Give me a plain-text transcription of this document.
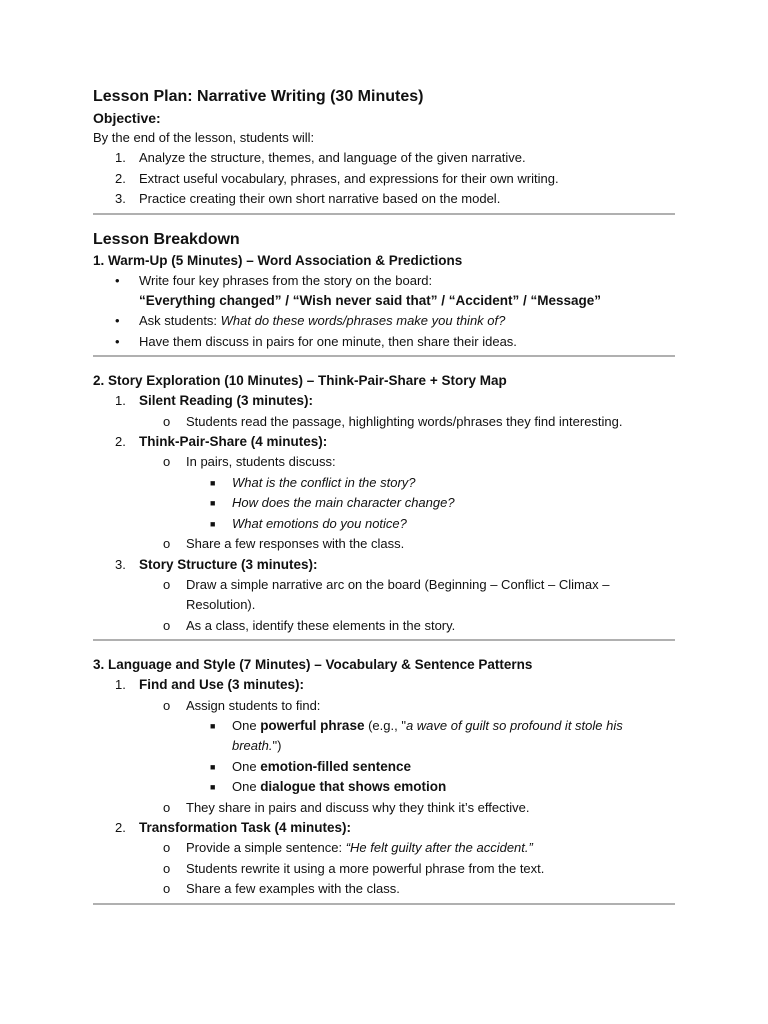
Lesson Plan: Narrative Writing (30 Minutes)

Objective:

By the end of the lesson, students will:

1. Analyze the structure, themes, and language of the given narrative.
2. Extract useful vocabulary, phrases, and expressions for their own writing.
3. Practice creating their own short narrative based on the model.

Lesson Breakdown

1. Warm-Up (5 Minutes) – Word Association & Predictions

• Write four key phrases from the story on the board:
“Everything changed” / “Wish never said that” / “Accident” / “Message”
• Ask students: What do these words/phrases make you think of?
• Have them discuss in pairs for one minute, then share their ideas.

2. Story Exploration (10 Minutes) – Think-Pair-Share + Story Map

1. Silent Reading (3 minutes):
o Students read the passage, highlighting words/phrases they find interesting.
2. Think-Pair-Share (4 minutes):
o In pairs, students discuss:
■ What is the conflict in the story?
■ How does the main character change?
■ What emotions do you notice?
o Share a few responses with the class.
3. Story Structure (3 minutes):
o Draw a simple narrative arc on the board (Beginning – Conflict – Climax –
Resolution).
o As a class, identify these elements in the story.

3. Language and Style (7 Minutes) – Vocabulary & Sentence Patterns

1. Find and Use (3 minutes):
o Assign students to find:
■ One powerful phrase (e.g., "a wave of guilt so profound it stole his
breath.")
■ One emotion-filled sentence
■ One dialogue that shows emotion
o They share in pairs and discuss why they think it’s effective.
2. Transformation Task (4 minutes):
o Provide a simple sentence: “He felt guilty after the accident.”
o Students rewrite it using a more powerful phrase from the text.
o Share a few examples with the class.
